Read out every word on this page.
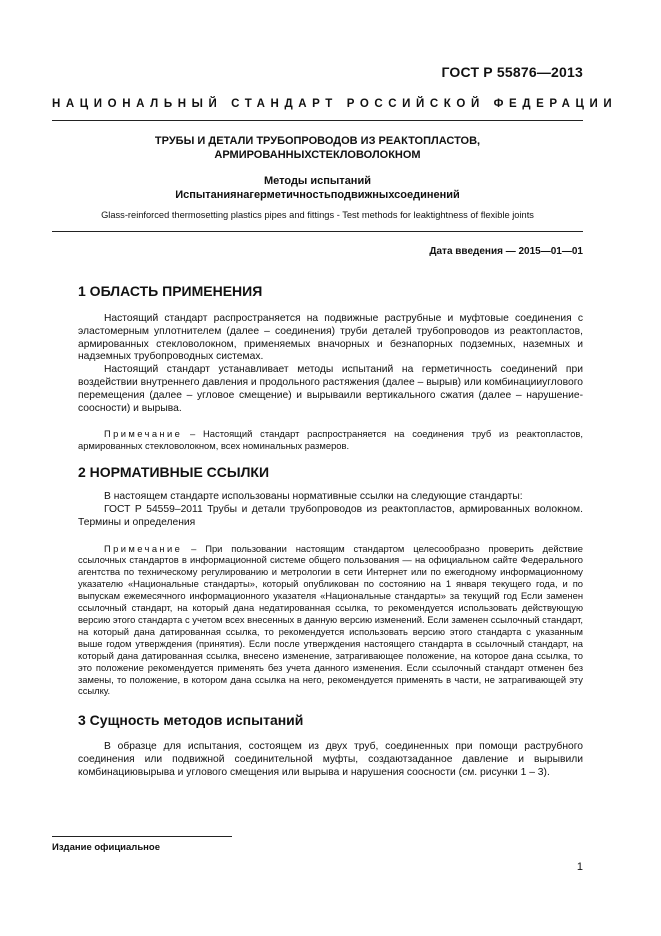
ГОСТ Р 55876—2013
НАЦИОНАЛЬНЫЙ СТАНДАРТ РОССИЙСКОЙ ФЕДЕРАЦИИ
ТРУБЫ И ДЕТАЛИ ТРУБОПРОВОДОВ ИЗ РЕАКТОПЛАСТОВ,
АРМИРОВАННЫХСТЕКЛОВОЛОКНОМ
Методы испытаний
Испытаниянагерметичностьподвижныхсоединений
Glass-reinforced thermosetting plastics pipes and fittings - Test methods for leaktightness of flexible joints
Дата введения — 2015—01—01
1 ОБЛАСТЬ ПРИМЕНЕНИЯ

Настоящий стандарт распространяется на подвижные раструбные и муфтовые соединения с эластомерным уплотнителем (далее – соединения) труби деталей трубопроводов из реактопластов, армированных стекловолокном, применяемых вначорных и безнапорных подземных, наземных и надземных трубопроводных системах.

Настоящий стандарт устанавливает методы испытаний на герметичность соединений при воздействии внутреннего давления и продольного растяжения (далее – вырыв) или комбинацииуглового перемещения (далее – угловое смещение) и вырываили вертикального сжатия (далее – нарушение-соосности) и вырыва.

Примечание – Настоящий стандарт распространяется на соединения труб из реактопластов, армированных стекловолокном, всех номинальных размеров.

2 НОРМАТИВНЫЕ ССЫЛКИ

В настоящем стандарте использованы нормативные ссылки на следующие стандарты:

ГОСТ Р 54559–2011 Трубы и детали трубопроводов из реактопластов, армированных волокном. Термины и определения

Примечание – При пользовании настоящим стандартом целесообразно проверить действие ссылочных стандартов в информационной системе общего пользования — на официальном сайте Федерального агентства по техническому регулированию и метрологии в сети Интернет или по ежегодному информационному указателю «Национальные стандарты», который опубликован по состоянию на 1 января текущего года, и по выпускам ежемесячного информационного указателя «Национальные стандарты» за текущий год Если заменен ссылочный стандарт, на который дана недатированная ссылка, то рекомендуется использовать действующую версию этого стандарта с учетом всех внесенных в данную версию изменений. Если заменен ссылочный стандарт, на который дана датированная ссылка, то рекомендуется использовать версию этого стандарта с указанным выше годом утверждения (принятия). Если после утверждения настоящего стандарта в ссылочный стандарт, на который дана датированная ссылка, внесено изменение, затрагивающее положение, на которое дана ссылка, то это положение рекомендуется применять без учета данного изменения. Если ссылочный стандарт отменен без замены, то положение, в котором дана ссылка на него, рекомендуется применять в части, не затрагивающей эту ссылку.

3 Сущность методов испытаний

В образце для испытания, состоящем из двух труб, соединенных при помощи раструбного соединения или подвижной соединительной муфты, создаютзаданное давление и вырывили комбинациювырыва и углового смещения или вырыва и нарушения соосности (см. рисунки 1 – 3).

Издание официальное
1
